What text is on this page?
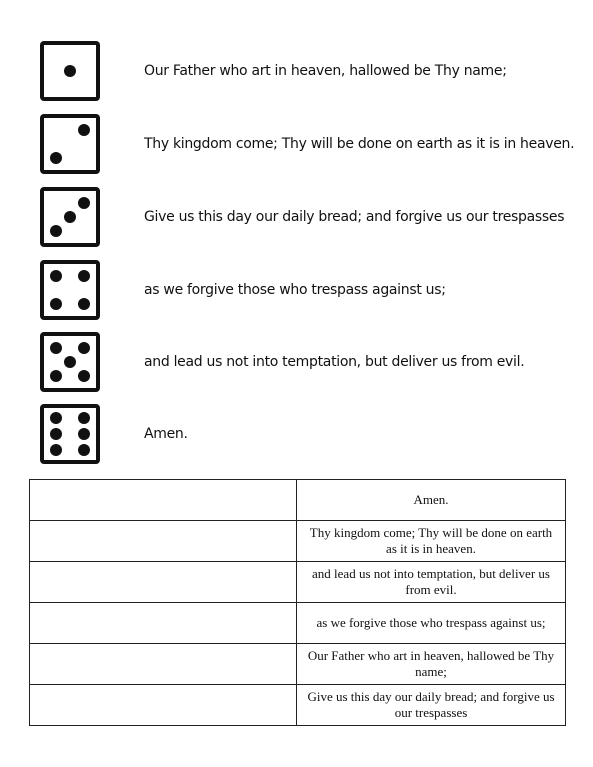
Our Father who art in heaven, hallowed be Thy name;
Thy kingdom come; Thy will be done on earth as it is in heaven.
Give us this day our daily bread; and forgive us our trespasses
as we forgive those who trespass against us;
and lead us not into temptation, but deliver us from evil.
Amen.
	Amen.
	Thy kingdom come; Thy will be done on earth as it is in heaven.
	and lead us not into temptation, but deliver us from evil.
	as we forgive those who trespass against us;
	Our Father who art in heaven, hallowed be Thy name;
	Give us this day our daily bread; and forgive us our trespasses
